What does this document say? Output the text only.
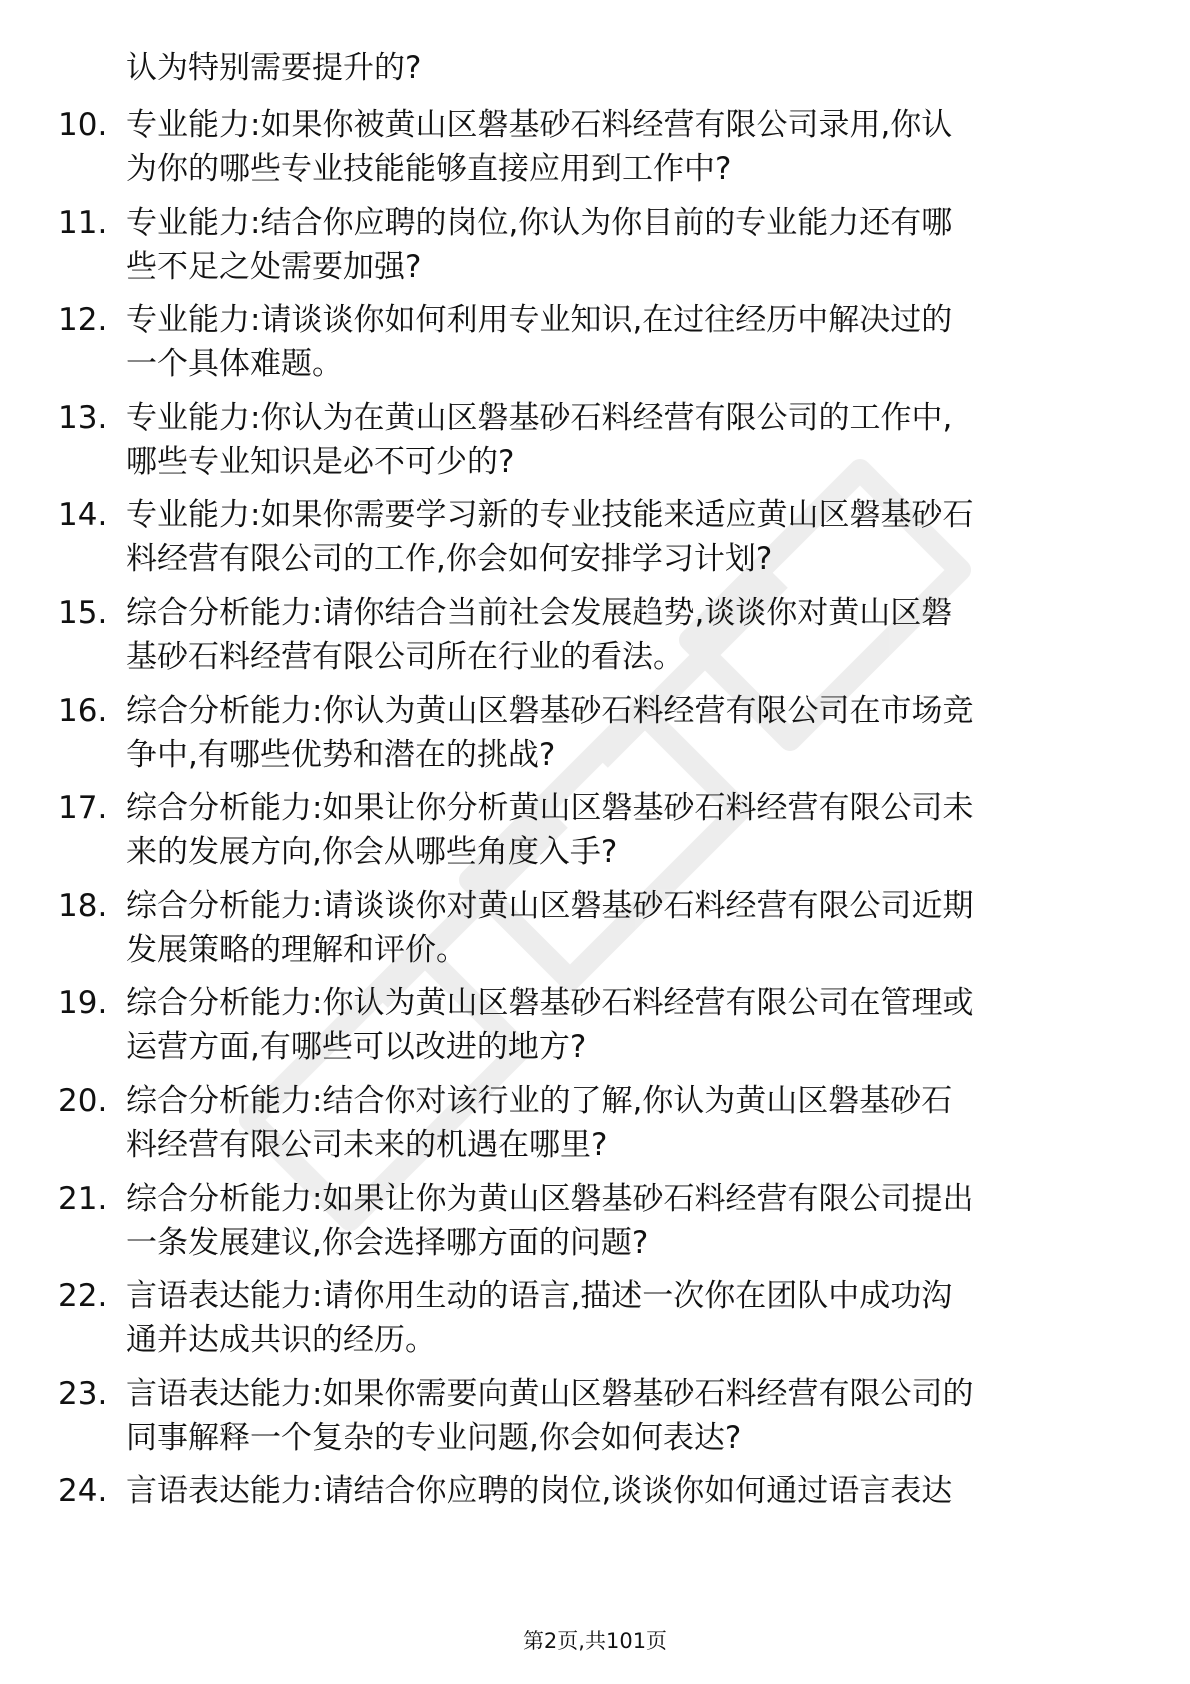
认为特别需要提升的?
10. 专业能力:如果你被黄山区磐基砂石料经营有限公司录用,你认
为你的哪些专业技能能够直接应用到工作中?
11. 专业能力:结合你应聘的岗位,你认为你目前的专业能力还有哪
些不足之处需要加强?
12. 专业能力:请谈谈你如何利用专业知识,在过往经历中解决过的
一个具体难题。
13. 专业能力:你认为在黄山区磐基砂石料经营有限公司的工作中,
哪些专业知识是必不可少的?
14. 专业能力:如果你需要学习新的专业技能来适应黄山区磐基砂石
料经营有限公司的工作,你会如何安排学习计划?
15. 综合分析能力:请你结合当前社会发展趋势,谈谈你对黄山区磐
基砂石料经营有限公司所在行业的看法。
16. 综合分析能力:你认为黄山区磐基砂石料经营有限公司在市场竞
争中,有哪些优势和潜在的挑战?
17. 综合分析能力:如果让你分析黄山区磐基砂石料经营有限公司未
来的发展方向,你会从哪些角度入手?
18. 综合分析能力:请谈谈你对黄山区磐基砂石料经营有限公司近期
发展策略的理解和评价。
19. 综合分析能力:你认为黄山区磐基砂石料经营有限公司在管理或
运营方面,有哪些可以改进的地方?
20. 综合分析能力:结合你对该行业的了解,你认为黄山区磐基砂石
料经营有限公司未来的机遇在哪里?
21. 综合分析能力:如果让你为黄山区磐基砂石料经营有限公司提出
一条发展建议,你会选择哪方面的问题?
22. 言语表达能力:请你用生动的语言,描述一次你在团队中成功沟
通并达成共识的经历。
23. 言语表达能力:如果你需要向黄山区磐基砂石料经营有限公司的
同事解释一个复杂的专业问题,你会如何表达?
24. 言语表达能力:请结合你应聘的岗位,谈谈你如何通过语言表达
第2页,共101页
